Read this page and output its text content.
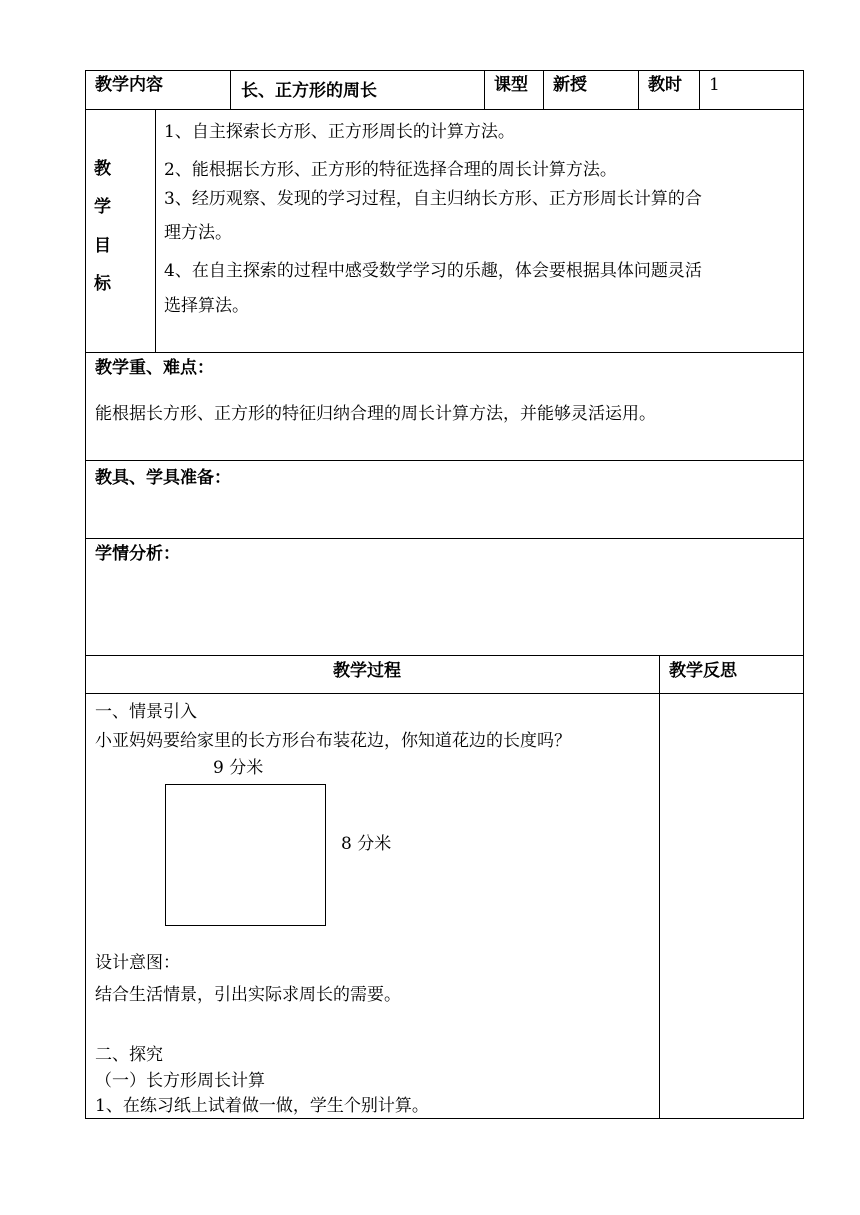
教学内容	长、正方形的周长	课型 新授	教时 1
教
学
目
标
1、自主探索长方形、正方形周长的计算方法。
2、能根据长方形、正方形的特征选择合理的周长计算方法。
3、经历观察、发现的学习过程，自主归纳长方形、正方形周长计算的合
理方法。
4、在自主探索的过程中感受数学学习的乐趣，体会要根据具体问题灵活
选择算法。
教学重、难点：
能根据长方形、正方形的特征归纳合理的周长计算方法，并能够灵活运用。
教具、学具准备：
学情分析：
教学过程	教学反思
一、情景引入
小亚妈妈要给家里的长方形台布装花边，你知道花边的长度吗？
9 分米
8 分米
设计意图：
结合生活情景，引出实际求周长的需要。
二、探究
（一）长方形周长计算
1、在练习纸上试着做一做，学生个别计算。
